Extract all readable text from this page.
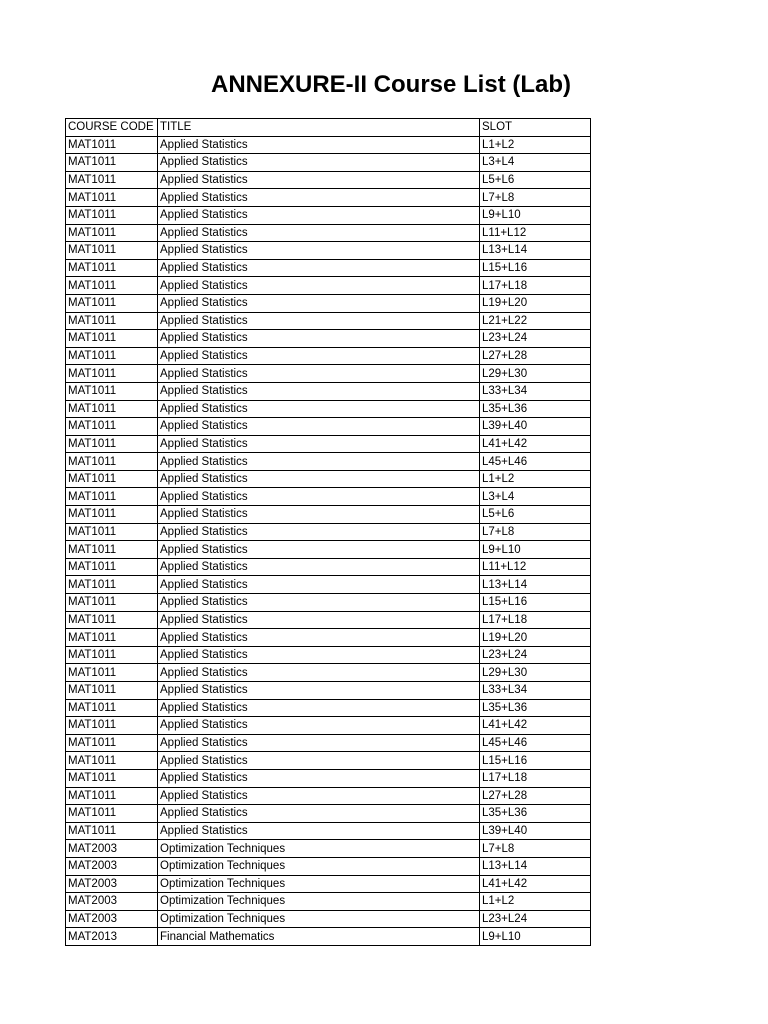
ANNEXURE-II Course List (Lab)
COURSE CODE	TITLE	SLOT
MAT1011	Applied Statistics	L1+L2
MAT1011	Applied Statistics	L3+L4
MAT1011	Applied Statistics	L5+L6
MAT1011	Applied Statistics	L7+L8
MAT1011	Applied Statistics	L9+L10
MAT1011	Applied Statistics	L11+L12
MAT1011	Applied Statistics	L13+L14
MAT1011	Applied Statistics	L15+L16
MAT1011	Applied Statistics	L17+L18
MAT1011	Applied Statistics	L19+L20
MAT1011	Applied Statistics	L21+L22
MAT1011	Applied Statistics	L23+L24
MAT1011	Applied Statistics	L27+L28
MAT1011	Applied Statistics	L29+L30
MAT1011	Applied Statistics	L33+L34
MAT1011	Applied Statistics	L35+L36
MAT1011	Applied Statistics	L39+L40
MAT1011	Applied Statistics	L41+L42
MAT1011	Applied Statistics	L45+L46
MAT1011	Applied Statistics	L1+L2
MAT1011	Applied Statistics	L3+L4
MAT1011	Applied Statistics	L5+L6
MAT1011	Applied Statistics	L7+L8
MAT1011	Applied Statistics	L9+L10
MAT1011	Applied Statistics	L11+L12
MAT1011	Applied Statistics	L13+L14
MAT1011	Applied Statistics	L15+L16
MAT1011	Applied Statistics	L17+L18
MAT1011	Applied Statistics	L19+L20
MAT1011	Applied Statistics	L23+L24
MAT1011	Applied Statistics	L29+L30
MAT1011	Applied Statistics	L33+L34
MAT1011	Applied Statistics	L35+L36
MAT1011	Applied Statistics	L41+L42
MAT1011	Applied Statistics	L45+L46
MAT1011	Applied Statistics	L15+L16
MAT1011	Applied Statistics	L17+L18
MAT1011	Applied Statistics	L27+L28
MAT1011	Applied Statistics	L35+L36
MAT1011	Applied Statistics	L39+L40
MAT2003	Optimization Techniques	L7+L8
MAT2003	Optimization Techniques	L13+L14
MAT2003	Optimization Techniques	L41+L42
MAT2003	Optimization Techniques	L1+L2
MAT2003	Optimization Techniques	L23+L24
MAT2013	Financial Mathematics	L9+L10
